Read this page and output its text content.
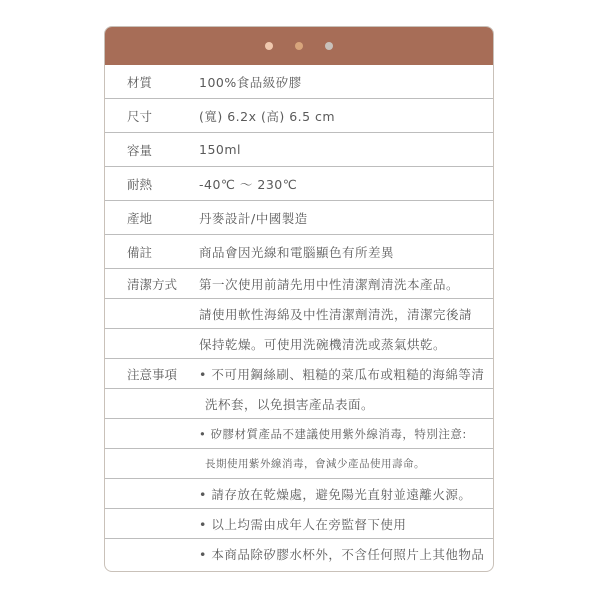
材質	100%食品級矽膠
尺寸	(寬) 6.2x (高) 6.5 cm
容量	150ml
耐熱	-40℃ ～ 230℃
產地	丹麥設計/中國製造
備註	商品會因光線和電腦顯色有所差異
清潔方式	第一次使用前請先用中性清潔劑清洗本產品。
請使用軟性海綿及中性清潔劑清洗，清潔完後請
保持乾燥。可使用洗碗機清洗或蒸氣烘乾。
注意事項	• 不可用鋼絲刷、粗糙的菜瓜布或粗糙的海綿等清
洗杯套，以免損害產品表面。
• 矽膠材質產品不建議使用紫外線消毒，特別注意:
長期使用紫外線消毒，會減少產品使用壽命。
• 請存放在乾燥處，避免陽光直射並遠離火源。
• 以上均需由成年人在旁監督下使用
• 本商品除矽膠水杯外，不含任何照片上其他物品
